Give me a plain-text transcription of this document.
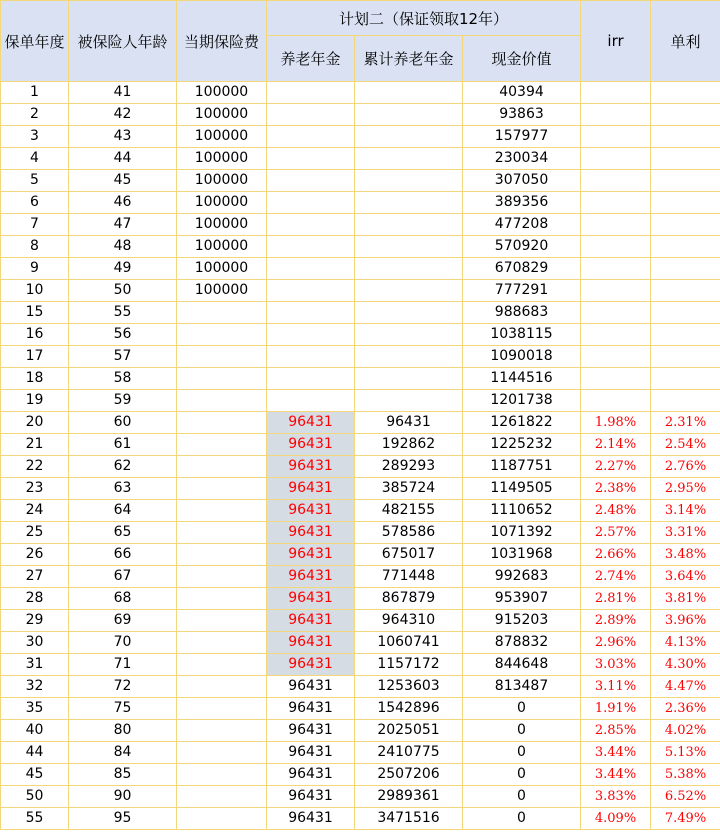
保单年度	被保险人年龄	当期保险费	计划二（保证领取12年）			irr	单利
			养老年金	累计养老年金	现金价值		
1	41	100000			40394		
2	42	100000			93863		
3	43	100000			157977		
4	44	100000			230034		
5	45	100000			307050		
6	46	100000			389356		
7	47	100000			477208		
8	48	100000			570920		
9	49	100000			670829		
10	50	100000			777291		
15	55				988683		
16	56				1038115		
17	57				1090018		
18	58				1144516		
19	59				1201738		
20	60		96431	96431	1261822	1.98%	2.31%
21	61		96431	192862	1225232	2.14%	2.54%
22	62		96431	289293	1187751	2.27%	2.76%
23	63		96431	385724	1149505	2.38%	2.95%
24	64		96431	482155	1110652	2.48%	3.14%
25	65		96431	578586	1071392	2.57%	3.31%
26	66		96431	675017	1031968	2.66%	3.48%
27	67		96431	771448	992683	2.74%	3.64%
28	68		96431	867879	953907	2.81%	3.81%
29	69		96431	964310	915203	2.89%	3.96%
30	70		96431	1060741	878832	2.96%	4.13%
31	71		96431	1157172	844648	3.03%	4.30%
32	72		96431	1253603	813487	3.11%	4.47%
35	75		96431	1542896	0	1.91%	2.36%
40	80		96431	2025051	0	2.85%	4.02%
44	84		96431	2410775	0	3.44%	5.13%
45	85		96431	2507206	0	3.44%	5.38%
50	90		96431	2989361	0	3.83%	6.52%
55	95		96431	3471516	0	4.09%	7.49%
